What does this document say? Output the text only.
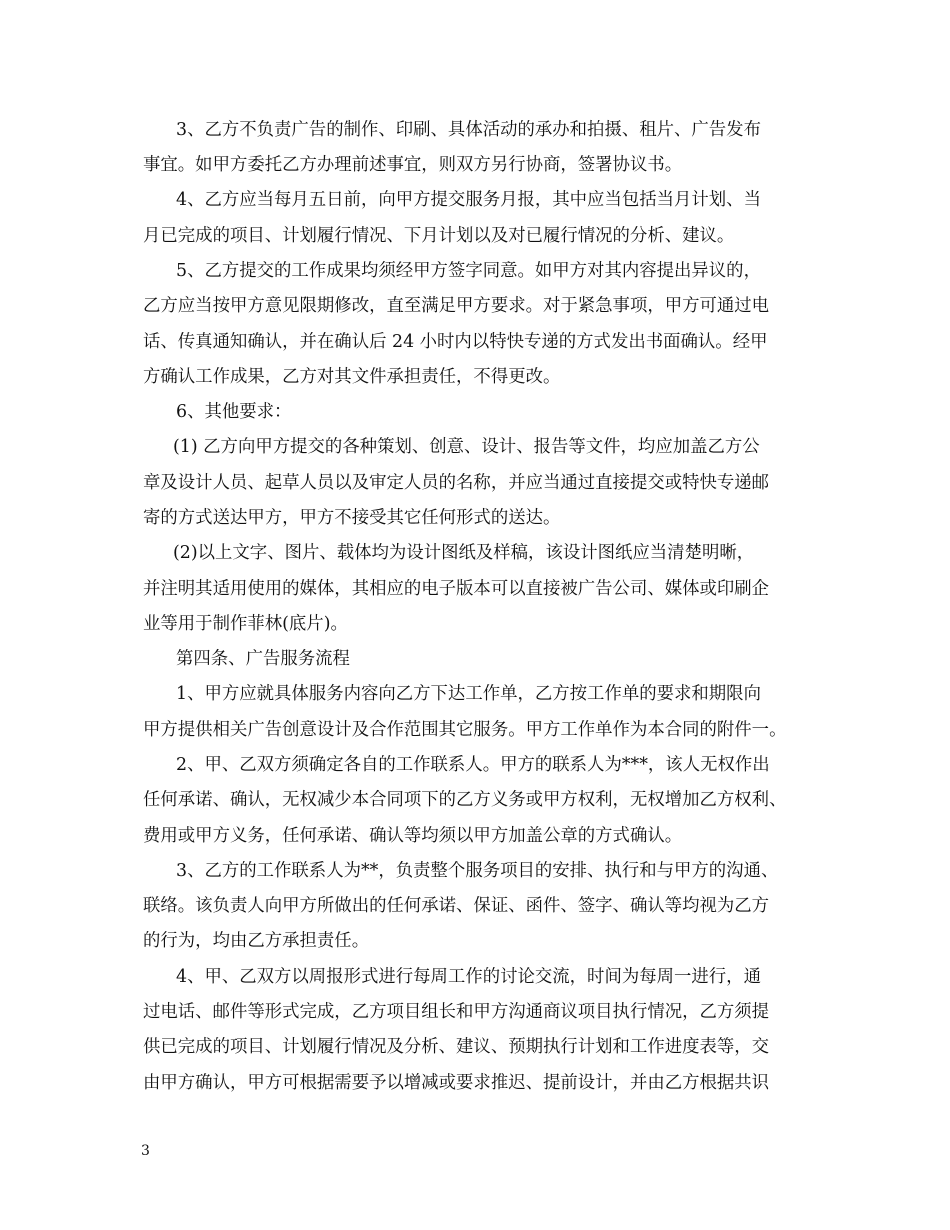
3、乙方不负责广告的制作、印刷、具体活动的承办和拍摄、租片、广告发布
事宜。如甲方委托乙方办理前述事宜，则双方另行协商，签署协议书。
4、乙方应当每月五日前，向甲方提交服务月报，其中应当包括当月计划、当
月已完成的项目、计划履行情况、下月计划以及对已履行情况的分析、建议。
5、乙方提交的工作成果均须经甲方签字同意。如甲方对其内容提出异议的，
乙方应当按甲方意见限期修改，直至满足甲方要求。对于紧急事项，甲方可通过电
话、传真通知确认，并在确认后 24 小时内以特快专递的方式发出书面确认。经甲
方确认工作成果，乙方对其文件承担责任，不得更改。
6、其他要求：
(1) 乙方向甲方提交的各种策划、创意、设计、报告等文件，均应加盖乙方公
章及设计人员、起草人员以及审定人员的名称，并应当通过直接提交或特快专递邮
寄的方式送达甲方，甲方不接受其它任何形式的送达。
(2)以上文字、图片、载体均为设计图纸及样稿，该设计图纸应当清楚明晰，
并注明其适用使用的媒体，其相应的电子版本可以直接被广告公司、媒体或印刷企
业等用于制作菲林(底片)。
第四条、广告服务流程
1、甲方应就具体服务内容向乙方下达工作单，乙方按工作单的要求和期限向
甲方提供相关广告创意设计及合作范围其它服务。甲方工作单作为本合同的附件一。
2、甲、乙双方须确定各自的工作联系人。甲方的联系人为***，该人无权作出
任何承诺、确认，无权减少本合同项下的乙方义务或甲方权利，无权增加乙方权利、
费用或甲方义务，任何承诺、确认等均须以甲方加盖公章的方式确认。
3、乙方的工作联系人为**，负责整个服务项目的安排、执行和与甲方的沟通、
联络。该负责人向甲方所做出的任何承诺、保证、函件、签字、确认等均视为乙方
的行为，均由乙方承担责任。
4、甲、乙双方以周报形式进行每周工作的讨论交流，时间为每周一进行，通
过电话、邮件等形式完成，乙方项目组长和甲方沟通商议项目执行情况，乙方须提
供已完成的项目、计划履行情况及分析、建议、预期执行计划和工作进度表等，交
由甲方确认，甲方可根据需要予以增减或要求推迟、提前设计，并由乙方根据共识
3
